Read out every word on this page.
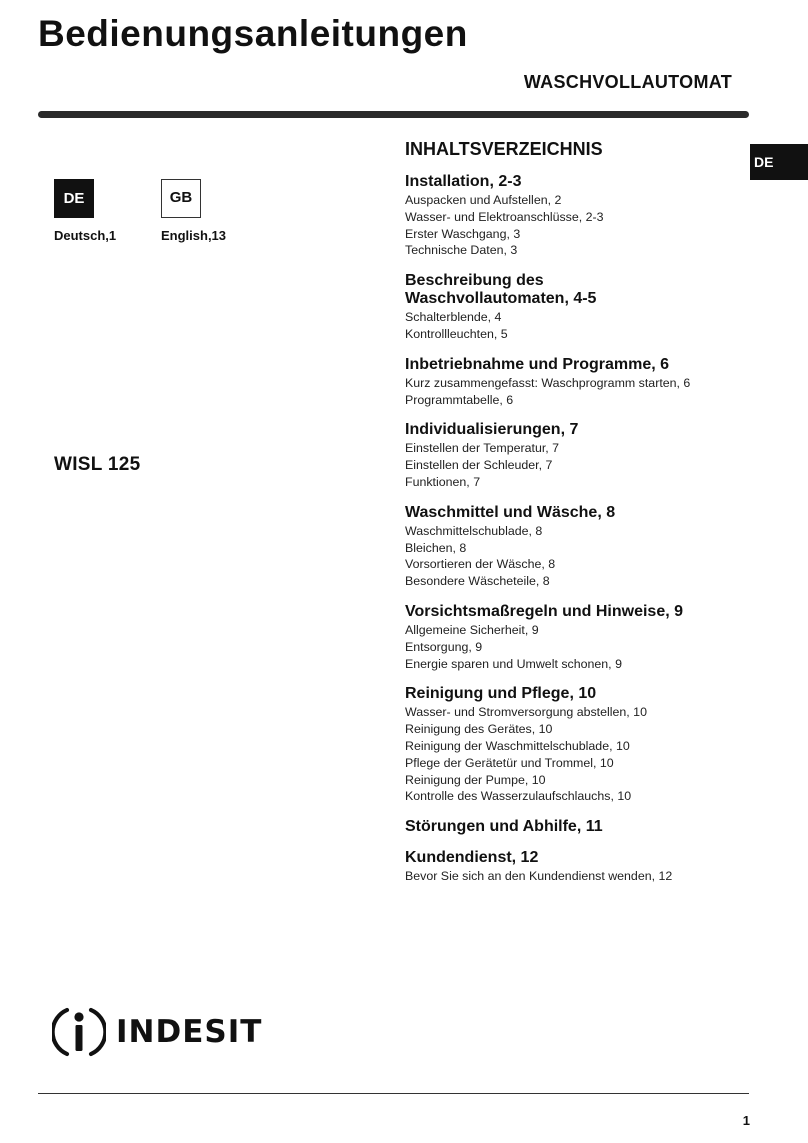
Bedienungsanleitungen
WASCHVOLLAUTOMAT
DE
DE
Deutsch,1
GB
English,13
WISL 125
INHALTSVERZEICHNIS
Installation, 2-3
Auspacken und Aufstellen, 2
Wasser- und Elektroanschlüsse, 2-3
Erster Waschgang, 3
Technische Daten, 3
Beschreibung des
Waschvollautomaten, 4-5
Schalterblende, 4
Kontrollleuchten, 5
Inbetriebnahme und Programme, 6
Kurz zusammengefasst: Waschprogramm starten, 6
Programmtabelle, 6
Individualisierungen, 7
Einstellen der Temperatur, 7
Einstellen der Schleuder, 7
Funktionen, 7
Waschmittel und Wäsche, 8
Waschmittelschublade, 8
Bleichen, 8
Vorsortieren der Wäsche, 8
Besondere Wäscheteile, 8
Vorsichtsmaßregeln und Hinweise, 9
Allgemeine Sicherheit, 9
Entsorgung, 9
Energie sparen und Umwelt schonen, 9
Reinigung und Pflege, 10
Wasser- und Stromversorgung abstellen, 10
Reinigung des Gerätes, 10
Reinigung der Waschmittelschublade, 10
Pflege der Gerätetür und Trommel, 10
Reinigung der Pumpe, 10
Kontrolle des Wasserzulaufschlauchs, 10
Störungen und Abhilfe, 11
Kundendienst, 12
Bevor Sie sich an den Kundendienst wenden, 12
INDESIT
1
